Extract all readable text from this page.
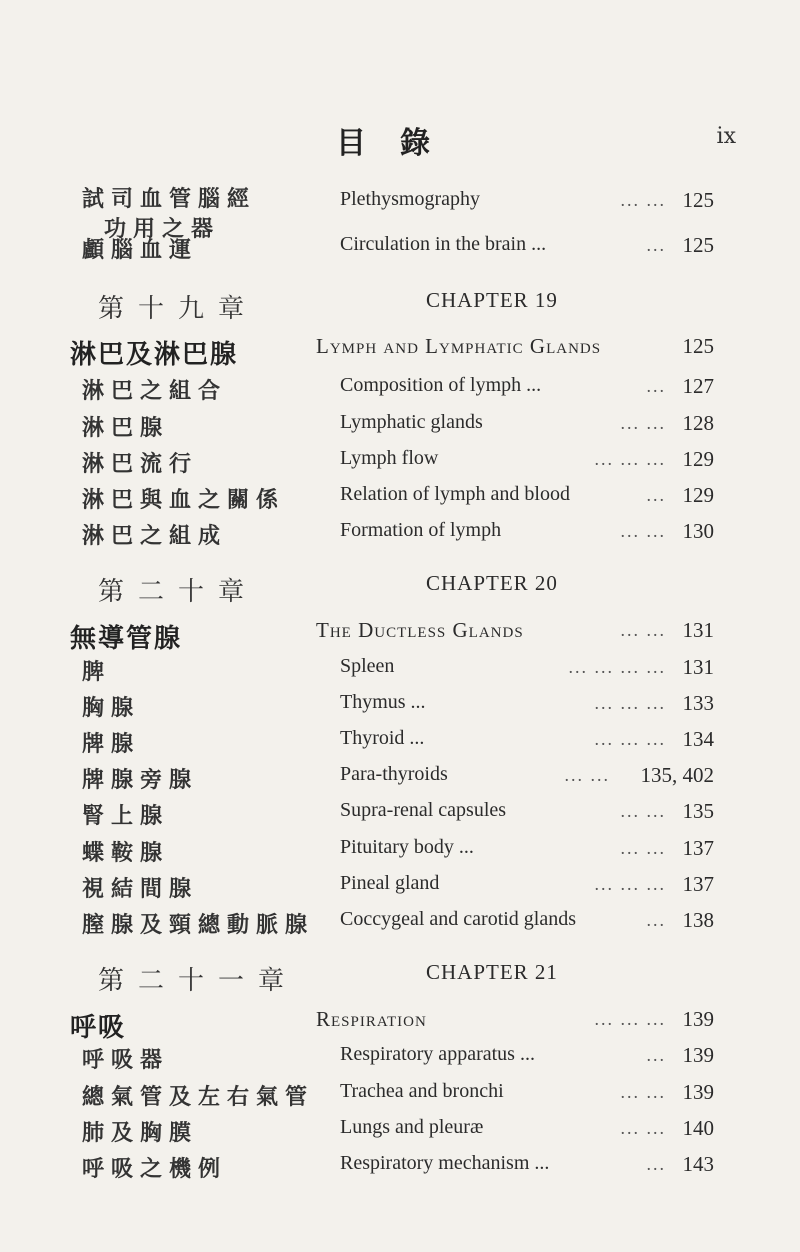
目錄	ix
試司血管腦經
功用之器
Plethysmography	... ... 125
顱腦血運	Circulation in the brain ...	... 125
第十九章	CHAPTER 19
淋巴及淋巴腺	Lymph and Lymphatic Glands	125
淋巴之組合	Composition of lymph ...	... 127
淋巴腺	Lymphatic glands	... ... 128
淋巴流行	Lymph flow	... ... ... 129
淋巴與血之關係	Relation of lymph and blood	... 129
淋巴之組成	Formation of lymph	... ... 130
第二十章	CHAPTER 20
無導管腺	The Ductless Glands	... ... 131
脾	Spleen	... ... ... ... 131
胸腺	Thymus ...	... ... ... 133
牌腺	Thyroid ...	... ... ... 134
牌腺旁腺	Para-thyroids	... ... 135, 402
腎上腺	Supra-renal capsules	... ... 135
蝶鞍腺	Pituitary body ...	... ... 137
視結間腺	Pineal gland	... ... ... 137
膣腺及頸總動脈腺 Coccygeal and carotid glands	... 138
第二十一章	CHAPTER 21
呼吸	Respiration	... ... ... 139
呼吸器	Respiratory apparatus ...	... 139
總氣管及左右氣管 Trachea and bronchi	... ... 139
肺及胸膜	Lungs and pleuræ	... ... 140
呼吸之機例	Respiratory mechanism ...	... 143
